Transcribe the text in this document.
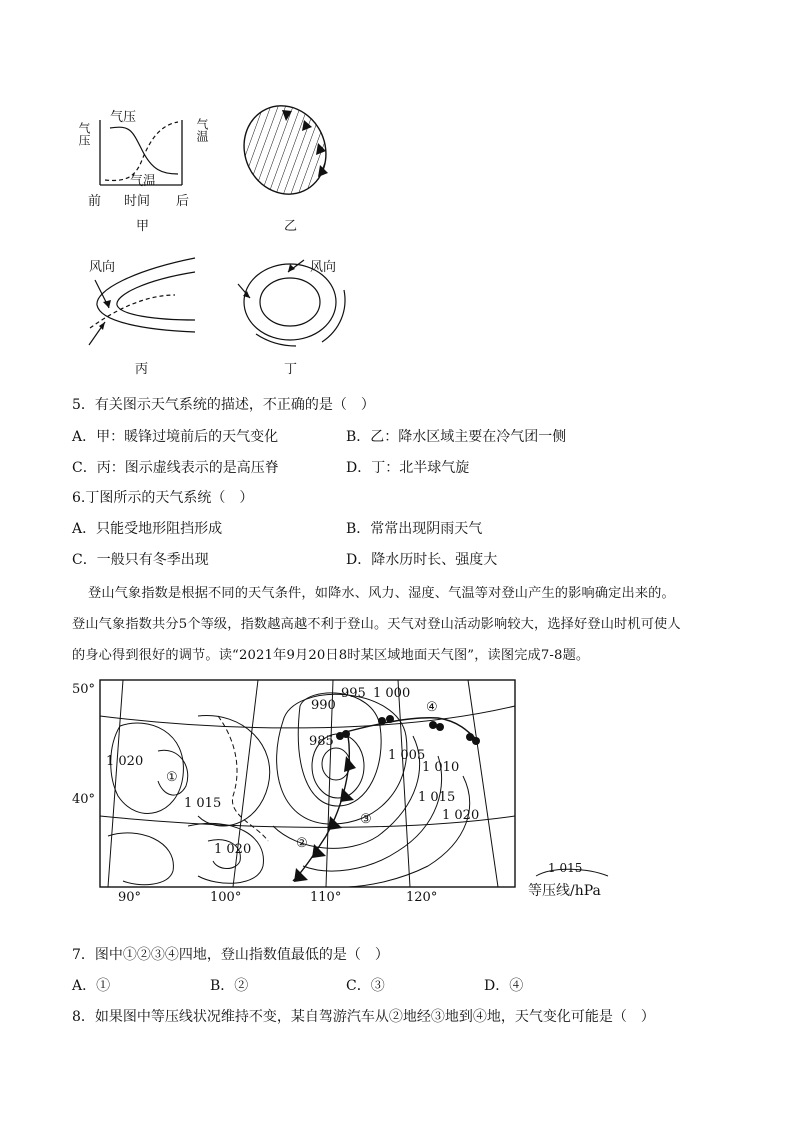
气压
气温
气压	气温
前 时间 后
甲	乙
风向
丙
风向
丁
5．有关图示天气系统的描述，不正确的是（　）
A．甲：暖锋过境前后的天气变化	B．乙：降水区域主要在冷气团一侧
C．丙：图示虚线表示的是高压脊	D．丁：北半球气旋
6.丁图所示的天气系统（　）
A．只能受地形阻挡形成	B．常常出现阴雨天气
C．一般只有冬季出现	D．降水历时长、强度大
登山气象指数是根据不同的天气条件，如降水、风力、湿度、气温等对登山产生的影响确定出来的。
登山气象指数共分5个等级，指数越高越不利于登山。天气对登山活动影响较大，选择好登山时机可使人
的身心得到很好的调节。读“2021年9月20日8时某区域地面天气图”，读图完成7-8题。
50°
40°
90°	100°	110°	120°
995 1 000
990
985
1 020	1 005
1 010
1 015	1 015
1 020
1 020
①
②
③
④
1 015
等压线/hPa
7．图中①②③④四地，登山指数值最低的是（　）
A．①	B．②	C．③	D．④
8．如果图中等压线状况维持不变，某自驾游汽车从②地经③地到④地，天气变化可能是（　）
